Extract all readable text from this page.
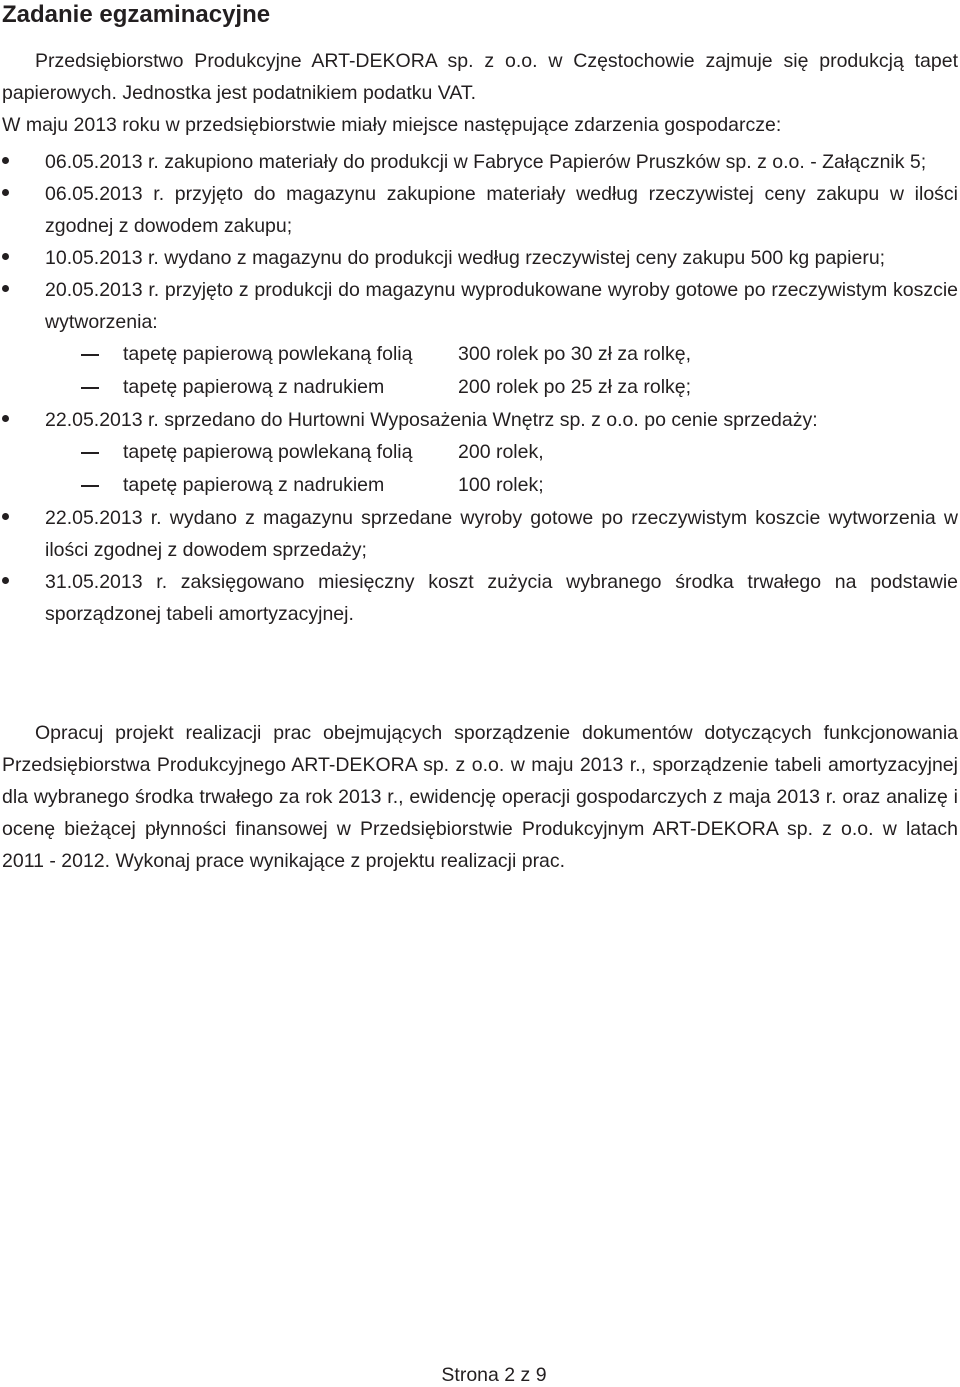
Zadanie egzaminacyjne

Przedsiębiorstwo Produkcyjne ART-DEKORA sp. z o.o. w Częstochowie zajmuje się produkcją tapet papierowych. Jednostka jest podatnikiem podatku VAT.

W maju 2013 roku w przedsiębiorstwie miały miejsce następujące zdarzenia gospodarcze:

06.05.2013 r. zakupiono materiały do produkcji w Fabryce Papierów Pruszków sp. z o.o. - Załącznik 5;
06.05.2013 r. przyjęto do magazynu zakupione materiały według rzeczywistej ceny zakupu w ilości zgodnej z dowodem zakupu;
10.05.2013 r. wydano z magazynu do produkcji według rzeczywistej ceny zakupu 500 kg papieru;
20.05.2013 r. przyjęto z produkcji do magazynu wyprodukowane wyroby gotowe po rzeczywistym koszcie wytworzenia:
tapetę papierową powlekaną folią 300 rolek po 30 zł za rolkę,
tapetę papierową z nadrukiem	200 rolek po 25 zł za rolkę;
22.05.2013 r. sprzedano do Hurtowni Wyposażenia Wnętrz sp. z o.o. po cenie sprzedaży:
tapetę papierową powlekaną folią 200 rolek,
tapetę papierową z nadrukiem	100 rolek;
22.05.2013 r. wydano z magazynu sprzedane wyroby gotowe po rzeczywistym koszcie wytworzenia w ilości zgodnej z dowodem sprzedaży;
31.05.2013 r. zaksięgowano miesięczny koszt zużycia wybranego środka trwałego na podstawie sporządzonej tabeli amortyzacyjnej.

Opracuj projekt realizacji prac obejmujących sporządzenie dokumentów dotyczących funkcjonowania Przedsiębiorstwa Produkcyjnego ART-DEKORA sp. z o.o. w maju 2013 r., sporządzenie tabeli amortyzacyjnej dla wybranego środka trwałego za rok 2013 r., ewidencję operacji gospodarczych z maja 2013 r. oraz analizę i ocenę bieżącej płynności finansowej w Przedsiębiorstwie Produkcyjnym ART-DEKORA sp. z o.o. w latach 2011 - 2012. Wykonaj prace wynikające z projektu realizacji prac.

Strona 2 z 9
